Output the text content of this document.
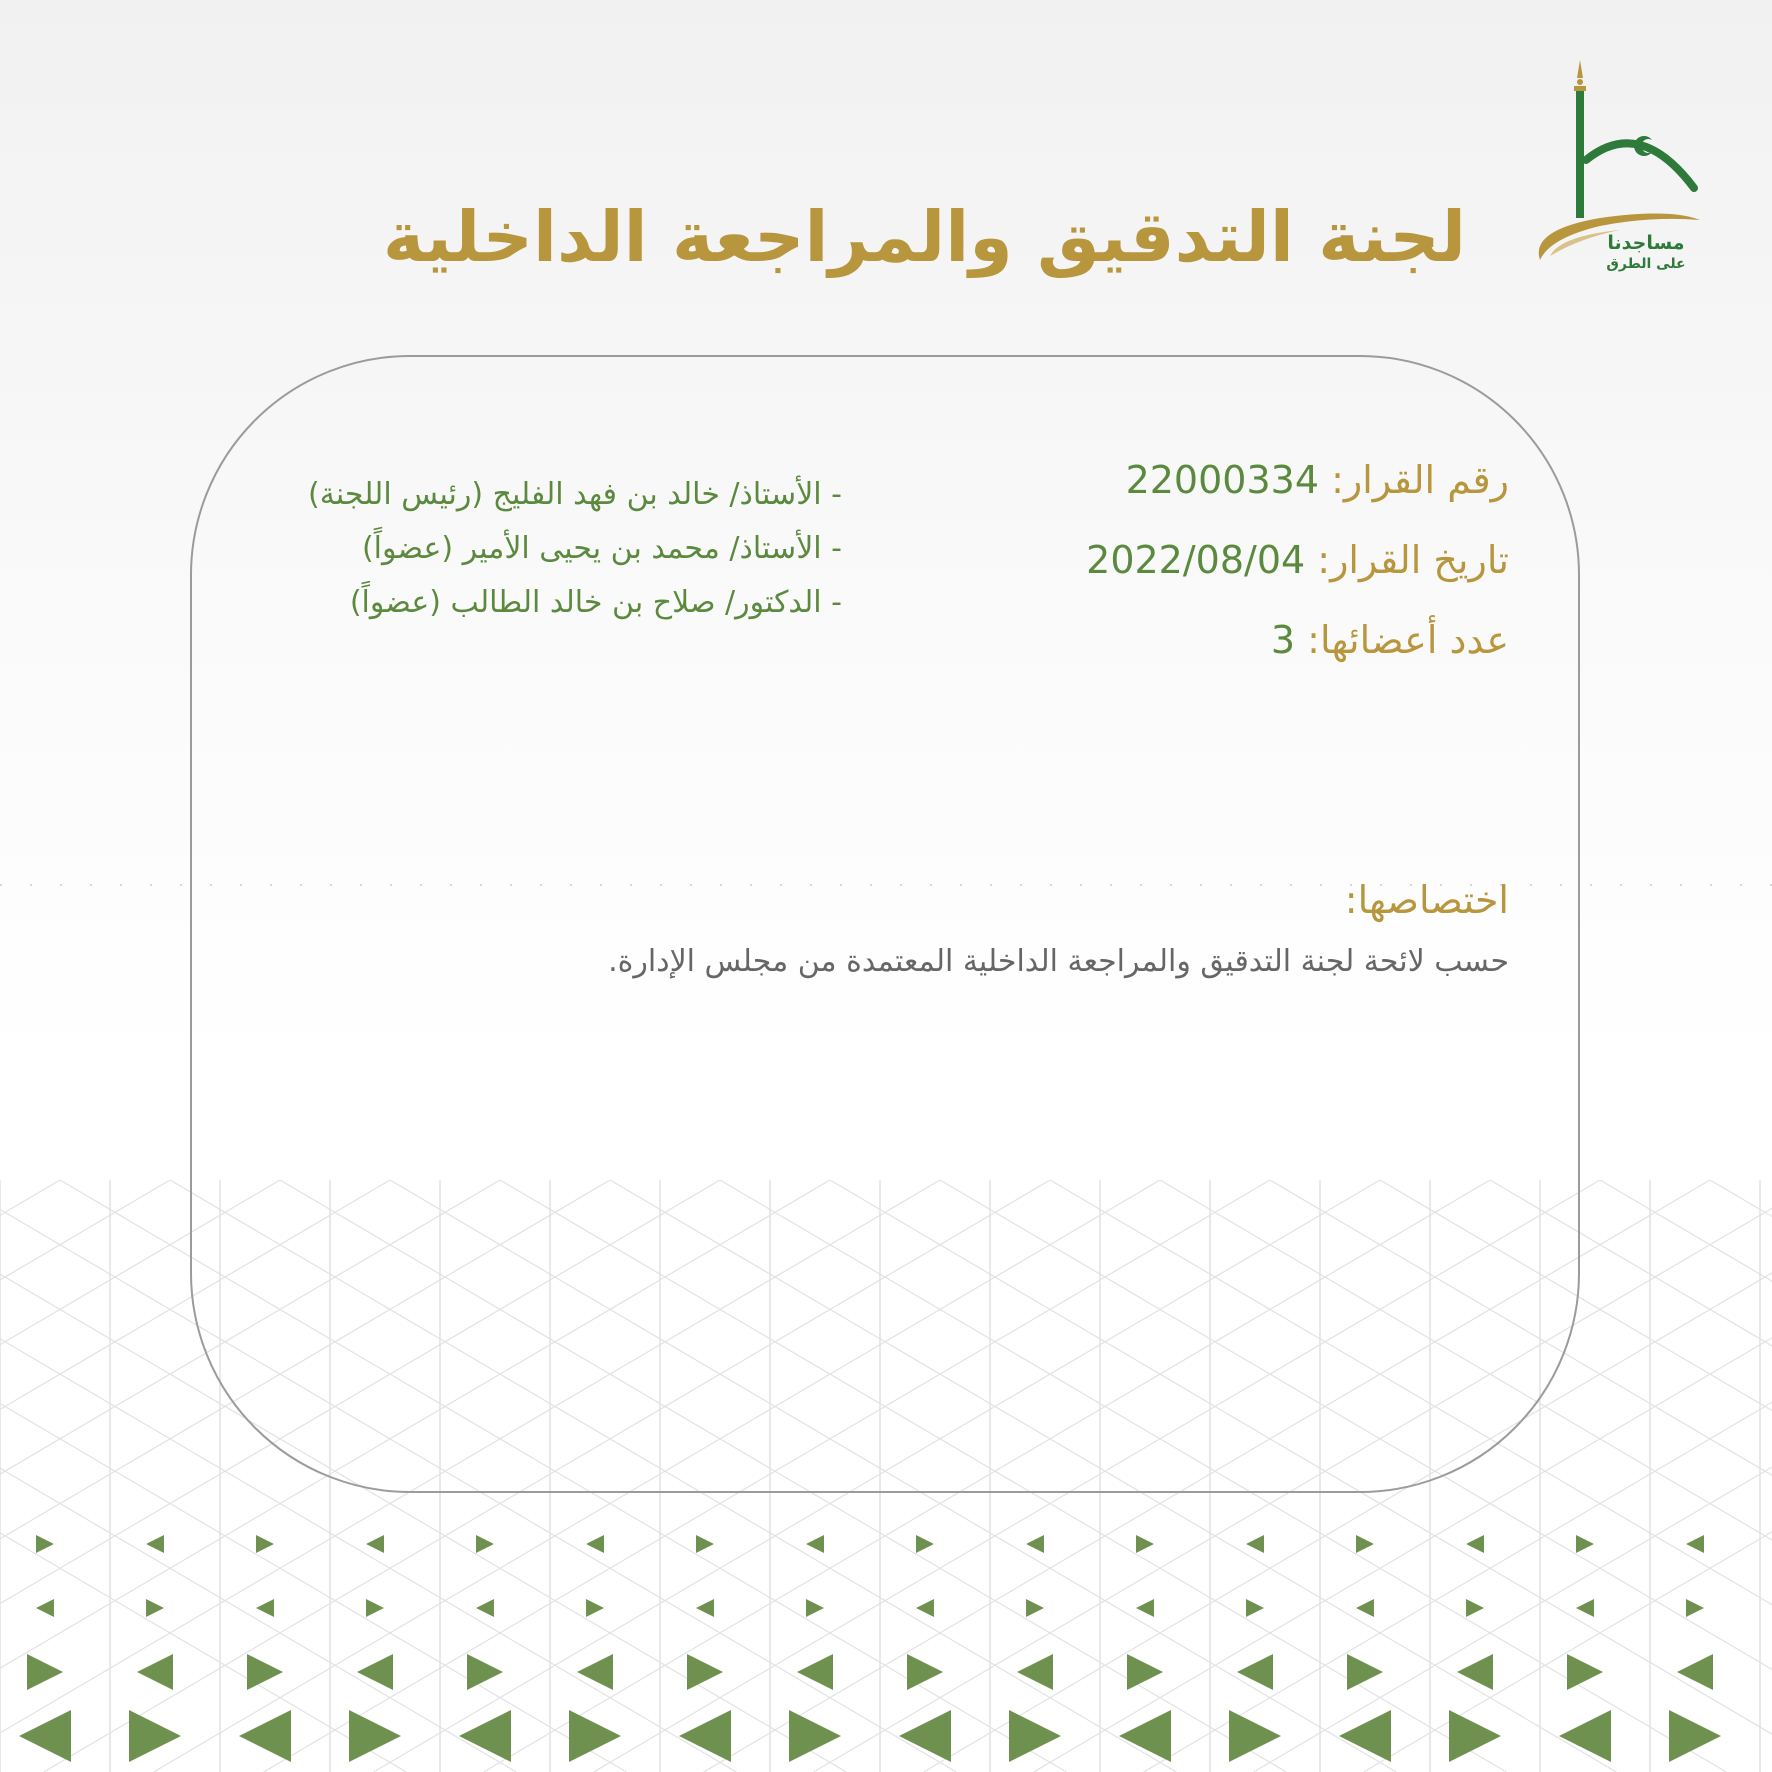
مساجدنا
على الطرق
لجنة التدقيق والمراجعة الداخلية
رقم القرار: 22000334
تاريخ القرار: 2022/08/04
عدد أعضائها: 3
- الأستاذ/ خالد بن فهد الفليج (رئيس اللجنة)
- الأستاذ/ محمد بن يحيى الأمير (عضواً)
- الدكتور/ صلاح بن خالد الطالب (عضواً)
اختصاصها:
حسب لائحة لجنة التدقيق والمراجعة الداخلية المعتمدة من مجلس الإدارة.
